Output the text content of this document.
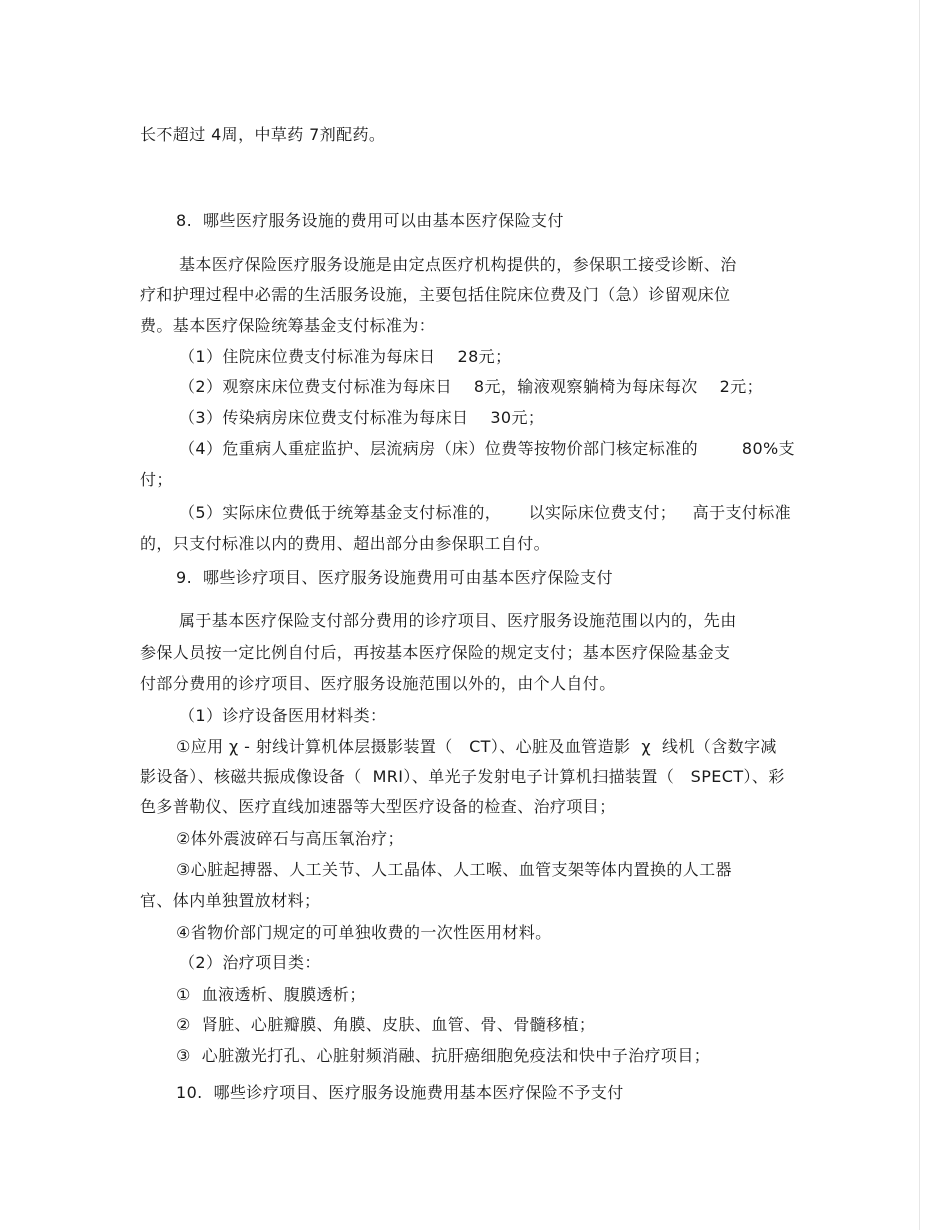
长不超过 4周，中草药 7剂配药。
8.  哪些医疗服务设施的费用可以由基本医疗保险支付
基本医疗保险医疗服务设施是由定点医疗机构提供的，参保职工接受诊断、治
疗和护理过程中必需的生活服务设施，主要包括住院床位费及门（急）诊留观床位
费。基本医疗保险统筹基金支付标准为：
（1）住院床位费支付标准为每床日    28元；
（2）观察床床位费支付标准为每床日    8元，输液观察躺椅为每床每次    2元；
（3）传染病房床位费支付标准为每床日    30元；
（4）危重病人重症监护、层流病房（床）位费等按物价部门核定标准的        80%支
付；
（5）实际床位费低于统筹基金支付标准的，     以实际床位费支付；   高于支付标准
的，只支付标准以内的费用、超出部分由参保职工自付。
9.  哪些诊疗项目、医疗服务设施费用可由基本医疗保险支付
属于基本医疗保险支付部分费用的诊疗项目、医疗服务设施范围以内的，先由
参保人员按一定比例自付后，再按基本医疗保险的规定支付；基本医疗保险基金支
付部分费用的诊疗项目、医疗服务设施范围以外的，由个人自付。
（1）诊疗设备医用材料类：
①应用 χ - 射线计算机体层摄影装置（   CT）、心脏及血管造影  χ  线机（含数字减
影设备）、核磁共振成像设备（  MRI）、单光子发射电子计算机扫描装置（   SPECT）、彩
色多普勒仪、医疗直线加速器等大型医疗设备的检查、治疗项目；
②体外震波碎石与高压氧治疗；
③心脏起搏器、人工关节、人工晶体、人工喉、血管支架等体内置换的人工器
官、体内单独置放材料；
④省物价部门规定的可单独收费的一次性医用材料。
（2）治疗项目类：
①  血液透析、腹膜透析；
②  肾脏、心脏瓣膜、角膜、皮肤、血管、骨、骨髓移植；
③  心脏激光打孔、心脏射频消融、抗肝癌细胞免疫法和快中子治疗项目；
10.  哪些诊疗项目、医疗服务设施费用基本医疗保险不予支付
